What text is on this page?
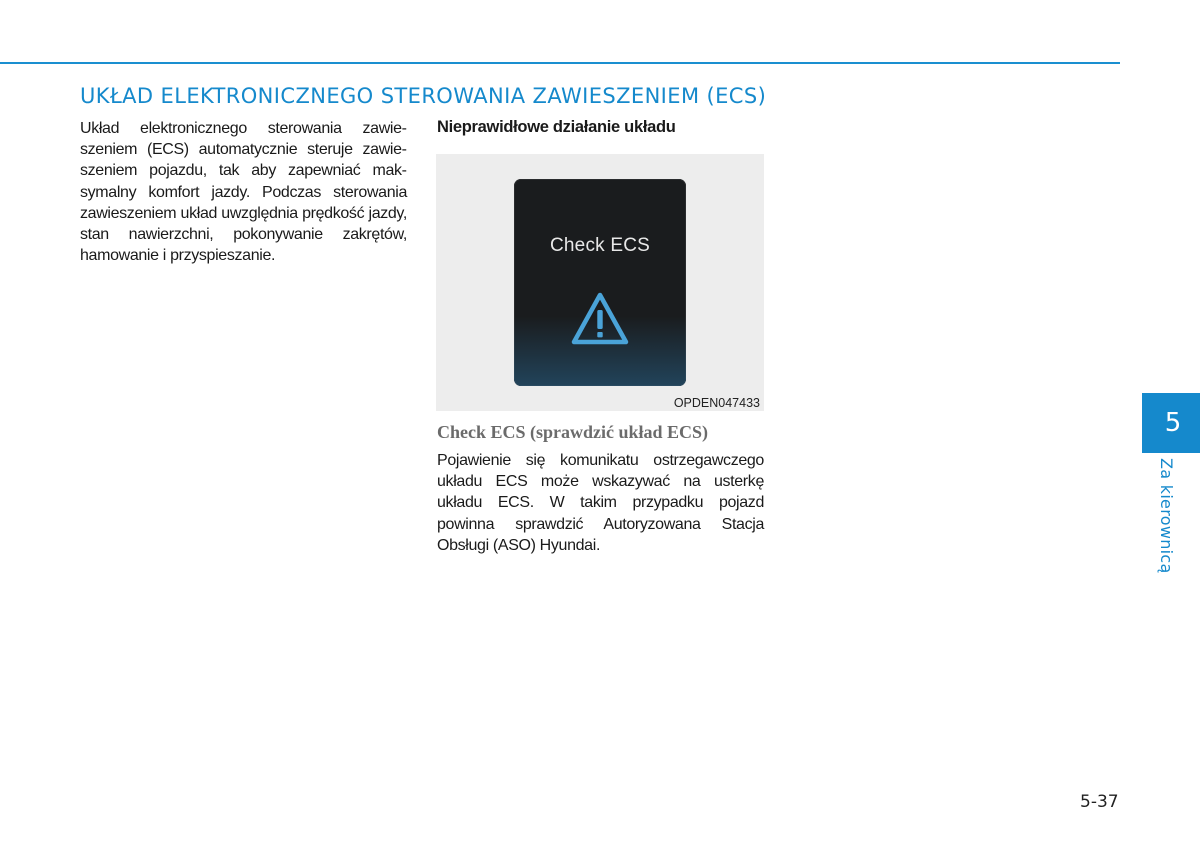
UKŁAD ELEKTRONICZNEGO STEROWANIA ZAWIESZENIEM (ECS)

Układ elektronicznego sterowania zawieszeniem (ECS) automatycznie steruje zawieszeniem pojazdu, tak aby zapewniać maksymalny komfort jazdy. Podczas sterowania zawieszeniem układ uwzględnia prędkość jazdy, stan nawierzchni, pokonywanie zakrętów, hamowanie i przyspieszanie.

Nieprawidłowe działanie układu
Check ECS
OPDEN047433
Check ECS (sprawdzić układ ECS)

Pojawienie się komunikatu ostrzegawczego układu ECS może wskazywać na usterkę układu ECS. W takim przypadku pojazd powinna sprawdzić Autoryzowana Stacja Obsługi (ASO) Hyundai.

5
Za kierownicą
5-37
